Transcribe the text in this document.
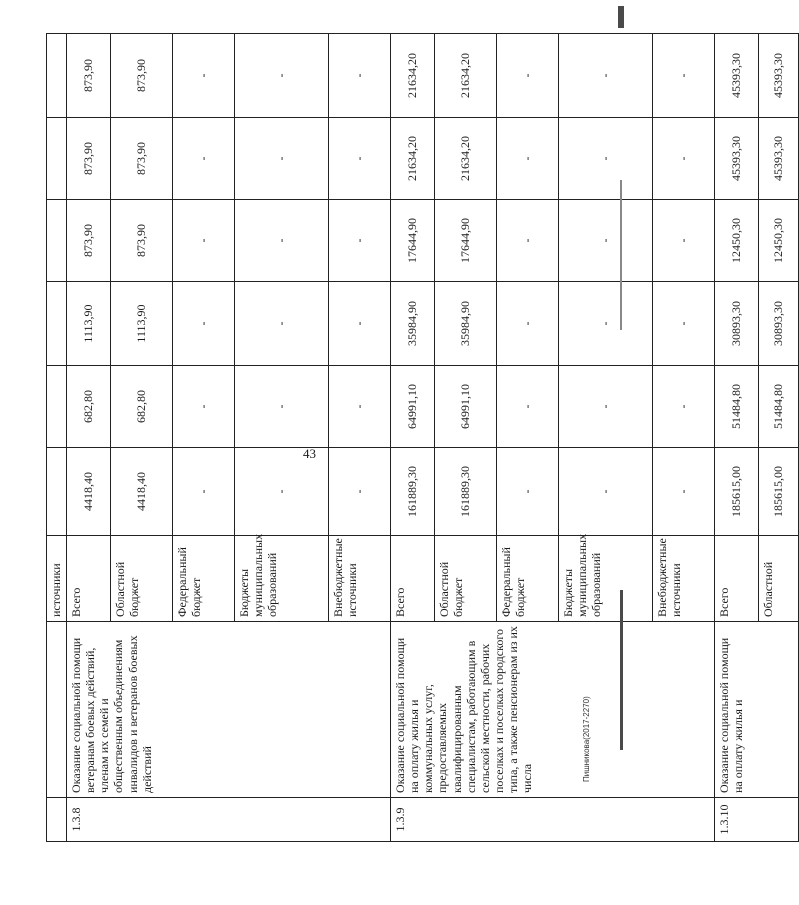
43
		источники						
1.3.8	Оказание социальной помощи ветеранам боевых действий, членам их семей и общественным объединениям инвалидов и ветеранов боевых действий	Всего	4418,40	682,80	1113,90	873,90	873,90	873,90
		Областной бюджет	4418,40	682,80	1113,90	873,90	873,90	873,90
		Федеральный бюджет	-	-	-	-	-	-
		Бюджеты муниципальных образований	-	-	-	-	-	-
		Внебюджетные источники	-	-	-	-	-	-
1.3.9	Оказание социальной помощи на оплату жилья и коммунальных услуг, предоставляемых квалифицированным специалистам, работающим в сельской местности, рабочих поселках и поселках городского типа, а также пенсионерам из их числа	Всего	161889,30	64991,10	35984,90	17644,90	21634,20	21634,20
		Областной бюджет	161889,30	64991,10	35984,90	17644,90	21634,20	21634,20
		Федеральный бюджет	-	-	-	-	-	-
		Бюджеты муниципальных образований	-	-	-	-	-	-
		Внебюджетные источники	-	-	-	-	-	-
1.3.10	Оказание социальной помощи на оплату жилья и	Всего	185615,00	51484,80	30893,30	12450,30	45393,30	45393,30
		Областной	185615,00	51484,80	30893,30	12450,30	45393,30	45393,30
Пишникова(2017-2270)
